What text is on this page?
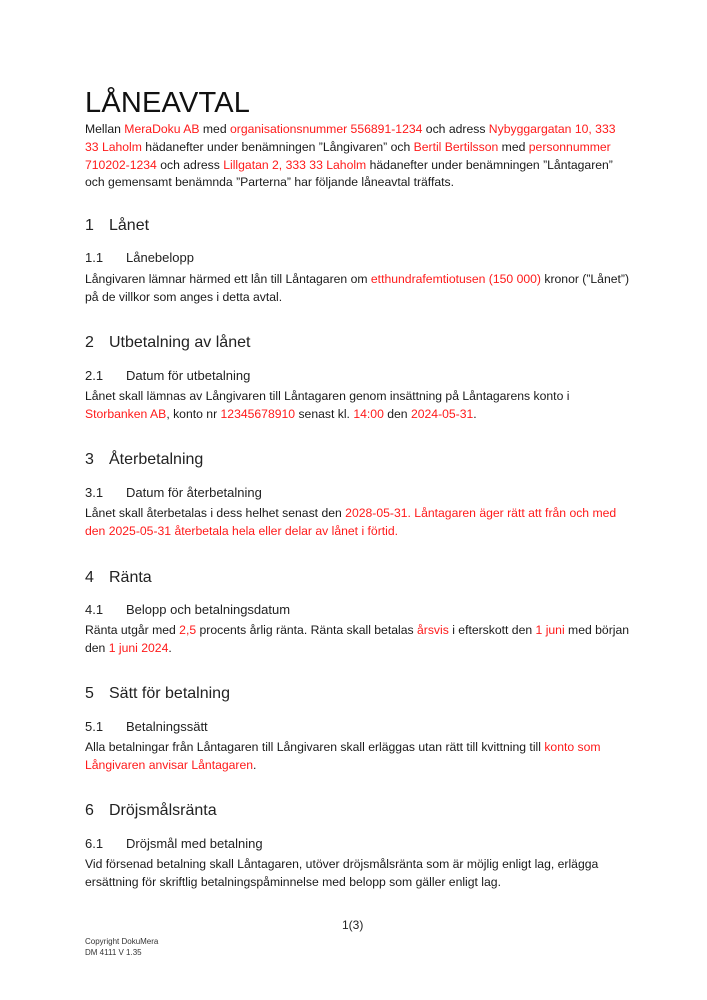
LÅNEAVTAL

Mellan MeraDoku AB med organisationsnummer 556891-1234 och adress Nybyggargatan 10, 333 33 Laholm hädanefter under benämningen ”Långivaren” och Bertil Bertilsson med personnummer 710202-1234 och adress Lillgatan 2, 333 33 Laholm hädanefter under benämningen ”Låntagaren” och gemensamt benämnda ”Parterna” har följande låneavtal träffats.

1 Lånet
1.1 Lånebelopp

Långivaren lämnar härmed ett lån till Låntagaren om etthundrafemtiotusen (150 000) kronor (”Lånet”) på de villkor som anges i detta avtal.

2 Utbetalning av lånet
2.1 Datum för utbetalning

Lånet skall lämnas av Långivaren till Låntagaren genom insättning på Låntagarens konto i Storbanken AB, konto nr 12345678910 senast kl. 14:00 den 2024-05-31.

3 Återbetalning
3.1 Datum för återbetalning

Lånet skall återbetalas i dess helhet senast den 2028-05-31. Låntagaren äger rätt att från och med den 2025-05-31 återbetala hela eller delar av lånet i förtid.

4 Ränta
4.1 Belopp och betalningsdatum

Ränta utgår med 2,5 procents årlig ränta. Ränta skall betalas årsvis i efterskott den 1 juni med början den 1 juni 2024.

5 Sätt för betalning
5.1 Betalningssätt

Alla betalningar från Låntagaren till Långivaren skall erläggas utan rätt till kvittning till konto som Långivaren anvisar Låntagaren.

6 Dröjsmålsränta
6.1 Dröjsmål med betalning

Vid försenad betalning skall Låntagaren, utöver dröjsmålsränta som är möjlig enligt lag, erlägga ersättning för skriftlig betalningspåminnelse med belopp som gäller enligt lag.

1(3)
Copyright DokuMera
DM 4111 V 1.35
